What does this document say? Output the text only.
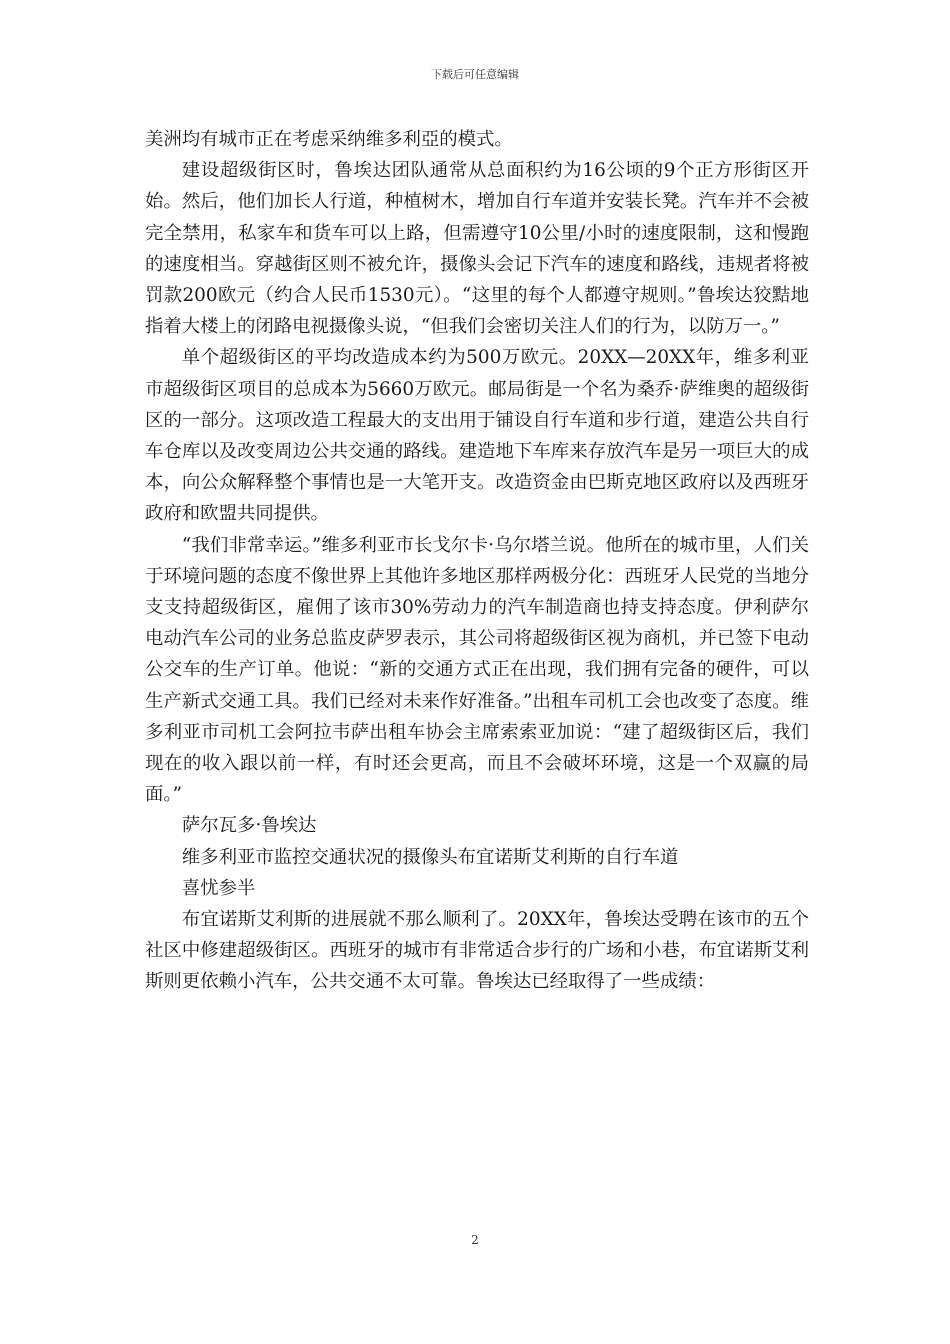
下载后可任意编辑

美洲均有城市正在考虑采纳维多利亞的模式。

建设超级街区时，鲁埃达团队通常从总面积约为16公顷的9个正方形街区开始。然后，他们加长人行道，种植树木，增加自行车道并安装长凳。汽车并不会被完全禁用，私家车和货车可以上路，但需遵守10公里/小时的速度限制，这和慢跑的速度相当。穿越街区则不被允许，摄像头会记下汽车的速度和路线，违规者将被罚款200欧元（约合人民币1530元）。“这里的每个人都遵守规则。”鲁埃达狡黠地指着大楼上的闭路电视摄像头说，“但我们会密切关注人们的行为，以防万一。”

单个超级街区的平均改造成本约为500万欧元。20XX—20XX年，维多利亚市超级街区项目的总成本为5660万欧元。邮局街是一个名为桑乔·萨维奥的超级街区的一部分。这项改造工程最大的支出用于铺设自行车道和步行道，建造公共自行车仓库以及改变周边公共交通的路线。建造地下车库来存放汽车是另一项巨大的成本，向公众解释整个事情也是一大笔开支。改造资金由巴斯克地区政府以及西班牙政府和欧盟共同提供。

“我们非常幸运。”维多利亚市长戈尔卡·乌尔塔兰说。他所在的城市里，人们关于环境问题的态度不像世界上其他许多地区那样两极分化：西班牙人民党的当地分支支持超级街区，雇佣了该市30%劳动力的汽车制造商也持支持态度。伊利萨尔电动汽车公司的业务总监皮萨罗表示，其公司将超级街区视为商机，并已签下电动公交车的生产订单。他说：“新的交通方式正在出现，我们拥有完备的硬件，可以生产新式交通工具。我们已经对未来作好准备。”出租车司机工会也改变了态度。维多利亚市司机工会阿拉韦萨出租车协会主席索索亚加说：“建了超级街区后，我们现在的收入跟以前一样，有时还会更高，而且不会破坏环境，这是一个双赢的局面。”

萨尔瓦多·鲁埃达

维多利亚市监控交通状况的摄像头布宜诺斯艾利斯的自行车道

喜忧参半

布宜诺斯艾利斯的进展就不那么顺利了。20XX年，鲁埃达受聘在该市的五个社区中修建超级街区。西班牙的城市有非常适合步行的广场和小巷，布宜诺斯艾利斯则更依赖小汽车，公共交通不太可靠。鲁埃达已经取得了一些成绩：

2
